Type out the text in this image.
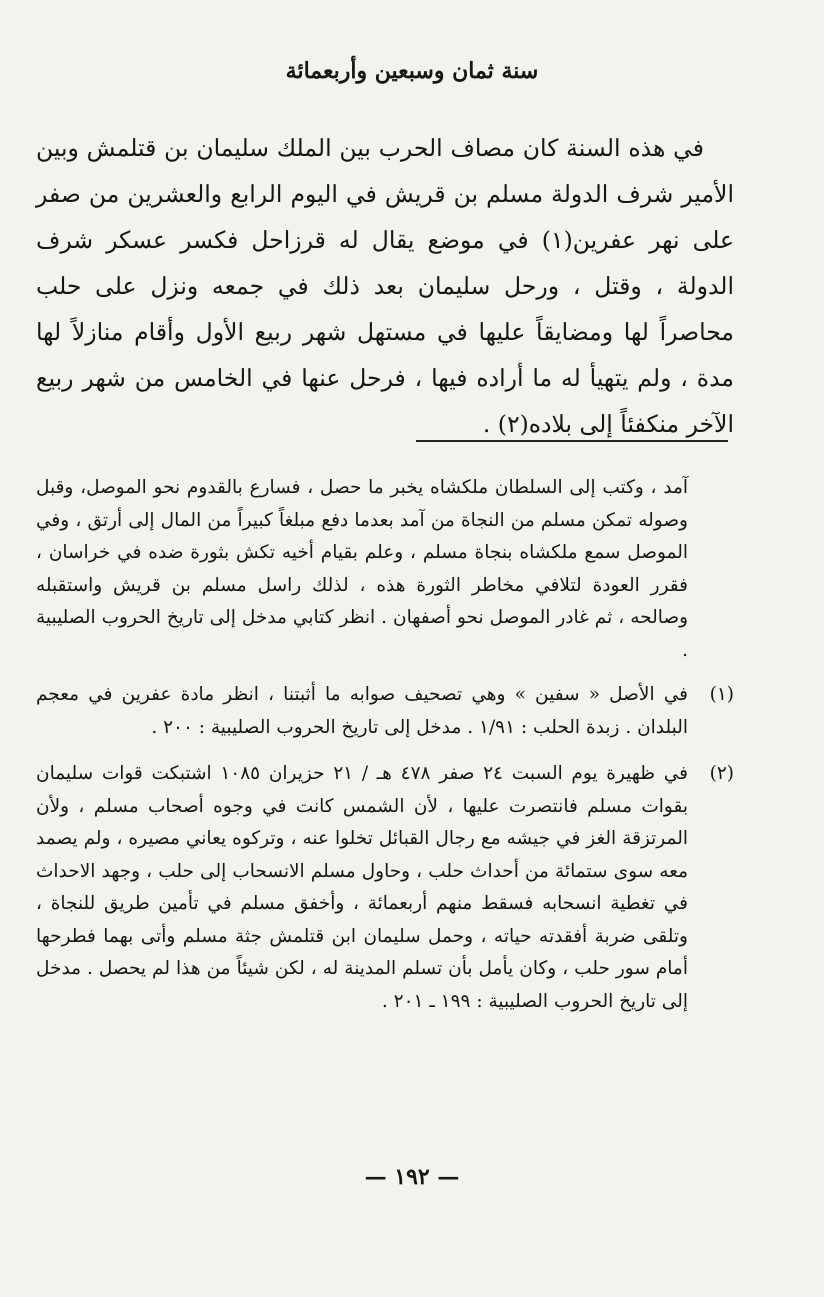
سنة ثمان وسبعين وأربعمائة

في هذه السنة كان مصاف الحرب بين الملك سليمان بن قتلمش وبين الأمير شرف الدولة مسلم بن قريش في اليوم الرابع والعشرين من صفر على نهر عفرين(١) في موضع يقال له قرزاحل فكسر عسكر شرف الدولة ، وقتل ، ورحل سليمان بعد ذلك في جمعه ونزل على حلب محاصراً لها ومضايقاً عليها في مستهل شهر ربيع الأول وأقام منازلاً لها مدة ، ولم يتهيأ له ما أراده فيها ، فرحل عنها في الخامس من شهر ربيع الآخر منكفئاً إلى بلاده(٢) .

آمد ، وكتب إلى السلطان ملكشاه يخبر ما حصل ، فسارع بالقدوم نحو الموصل، وقبل وصوله تمكن مسلم من النجاة من آمد بعدما دفع مبلغاً كبيراً من المال إلى أرتق ، وفي الموصل سمع ملكشاه بنجاة مسلم ، وعلم بقيام أخيه تكش بثورة ضده في خراسان ، فقرر العودة لتلافي مخاطر الثورة هذه ، لذلك راسل مسلم بن قريش واستقبله وصالحه ، ثم غادر الموصل نحو أصفهان . انظر كتابي مدخل إلى تاريخ الحروب الصليبية .

(١)
في الأصل « سفين » وهي تصحيف صوابه ما أثبتنا ، انظر مادة عفرين في معجم البلدان . زبدة الحلب : ١/٩١ . مدخل إلى تاريخ الحروب الصليبية : ٢٠٠ .
(٢)
في ظهيرة يوم السبت ٢٤ صفر ٤٧٨ هـ / ٢١ حزيران ١٠٨٥ اشتبكت قوات سليمان بقوات مسلم فانتصرت عليها ، لأن الشمس كانت في وجوه أصحاب مسلم ، ولأن المرتزقة الغز في جيشه مع رجال القبائل تخلوا عنه ، وتركوه يعاني مصيره ، ولم يصمد معه سوى ستمائة من أحداث حلب ، وحاول مسلم الانسحاب إلى حلب ، وجهد الاحداث في تغطية انسحابه فسقط منهم أربعمائة ، وأخفق مسلم في تأمين طريق للنجاة ، وتلقى ضربة أفقدته حياته ، وحمل سليمان ابن قتلمش جثة مسلم وأتى بهما فطرحها أمام سور حلب ، وكان يأمل بأن تسلم المدينة له ، لكن شيئاً من هذا لم يحصل . مدخل إلى تاريخ الحروب الصليبية : ١٩٩ ـ ٢٠١ .
— ١٩٢ —
